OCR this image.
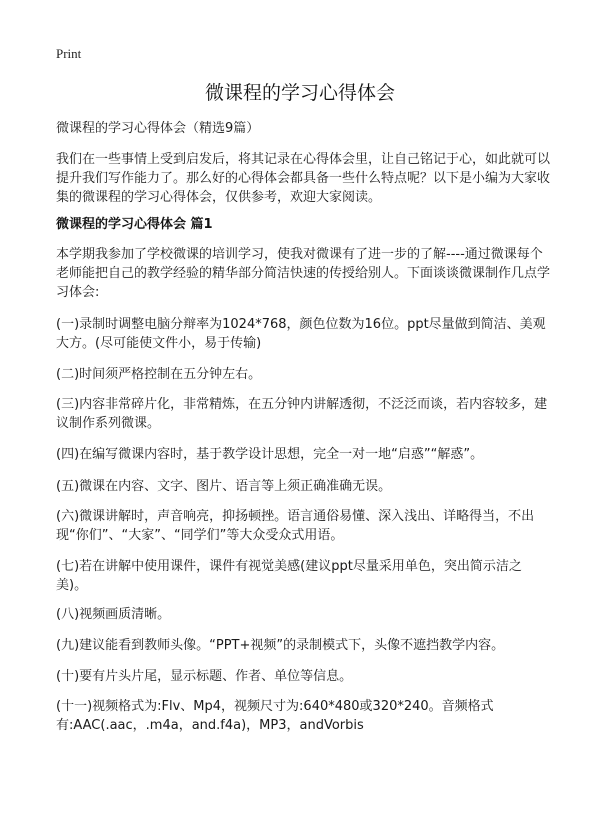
Print
微课程的学习心得体会

微课程的学习心得体会（精选9篇）

我们在一些事情上受到启发后，将其记录在心得体会里，让自己铭记于心，如此就可以提升我们写作能力了。那么好的心得体会都具备一些什么特点呢？以下是小编为大家收集的微课程的学习心得体会，仅供参考，欢迎大家阅读。

微课程的学习心得体会 篇1

本学期我参加了学校微课的培训学习，使我对微课有了进一步的了解----通过微课每个老师能把自己的教学经验的精华部分简洁快速的传授给别人。下面谈谈微课制作几点学习体会:

(一)录制时调整电脑分辩率为1024*768，颜色位数为16位。ppt尽量做到简洁、美观大方。(尽可能使文件小，易于传输)

(二)时间须严格控制在五分钟左右。

(三)内容非常碎片化，非常精炼，在五分钟内讲解透彻，不泛泛而谈，若内容较多，建议制作系列微课。

(四)在编写微课内容时，基于教学设计思想，完全一对一地“启惑”“解惑”。

(五)微课在内容、文字、图片、语言等上须正确准确无误。

(六)微课讲解时，声音响亮，抑扬顿挫。语言通俗易懂、深入浅出、详略得当，不出现“你们”、“大家”、“同学们”等大众受众式用语。

(七)若在讲解中使用课件，课件有视觉美感(建议ppt尽量采用单色，突出简示洁之美)。

(八)视频画质清晰。

(九)建议能看到教师头像。“PPT+视频”的录制模式下，头像不遮挡教学内容。

(十)要有片头片尾，显示标题、作者、单位等信息。

(十一)视频格式为:Flv、Mp4，视频尺寸为:640*480或320*240。音频格式有:AAC(.aac，.m4a，and.f4a)，MP3，andVorbis
